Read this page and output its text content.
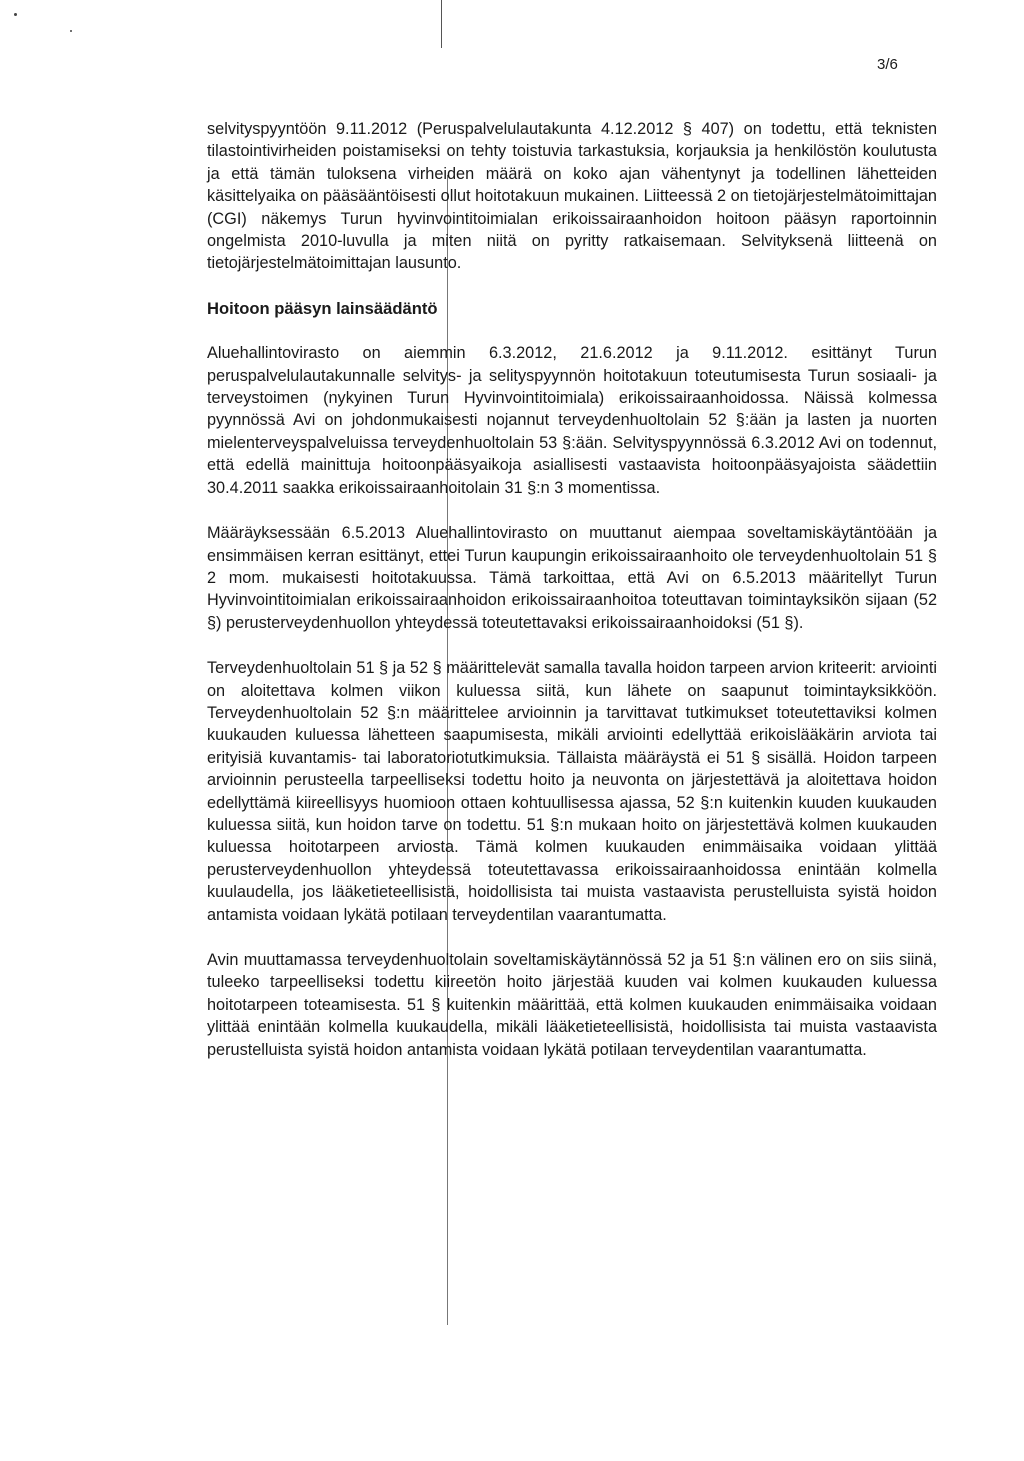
3/6

selvityspyyntöön 9.11.2012 (Peruspalvelulautakunta 4.12.2012 § 407) on todettu, että teknisten tilastointivirheiden poistamiseksi on tehty toistuvia tarkastuksia, korjauksia ja henkilöstön koulutusta ja että tämän tuloksena virheiden määrä on koko ajan vähentynyt ja todellinen lähetteiden käsittelyaika on pääsääntöisesti ollut hoitotakuun mukainen. Liitteessä 2 on tietojärjestelmätoimittajan (CGI) näkemys Turun hyvinvointitoimialan erikoissairaanhoidon hoitoon pääsyn raportoinnin ongelmista 2010-luvulla ja miten niitä on pyritty ratkaisemaan. Selvityksenä liitteenä on tietojärjestelmätoimittajan lausunto.

Hoitoon pääsyn lainsäädäntö

Aluehallintovirasto on aiemmin 6.3.2012, 21.6.2012 ja 9.11.2012. esittänyt Turun peruspalvelulautakunnalle selvitys- ja selityspyynnön hoitotakuun toteutumisesta Turun sosiaali- ja terveystoimen (nykyinen Turun Hyvinvointitoimiala) erikoissairaanhoidossa. Näissä kolmessa pyynnössä Avi on johdonmukaisesti nojannut terveydenhuoltolain 52 §:ään ja lasten ja nuorten mielenterveyspalveluissa terveydenhuoltolain 53 §:ään. Selvityspyynnössä 6.3.2012 Avi on todennut, että edellä mainittuja hoitoonpääsyaikoja asiallisesti vastaavista hoitoonpääsyajoista säädettiin 30.4.2011 saakka erikoissairaanhoitolain 31 §:n 3 momentissa.

Määräyksessään 6.5.2013 Aluehallintovirasto on muuttanut aiempaa soveltamiskäytäntöään ja ensimmäisen kerran esittänyt, ettei Turun kaupungin erikoissairaanhoito ole terveydenhuoltolain 51 § 2 mom. mukaisesti hoitotakuussa. Tämä tarkoittaa, että Avi on 6.5.2013 määritellyt Turun Hyvinvointitoimialan erikoissairaanhoidon erikoissairaanhoitoa toteuttavan toimintayksikön sijaan (52 §) perusterveydenhuollon yhteydessä toteutettavaksi erikoissairaanhoidoksi (51 §).

Terveydenhuoltolain 51 § ja 52 § määrittelevät samalla tavalla hoidon tarpeen arvion kriteerit: arviointi on aloitettava kolmen viikon kuluessa siitä, kun lähete on saapunut toimintayksikköön. Terveydenhuoltolain 52 §:n määrittelee arvioinnin ja tarvittavat tutkimukset toteutettaviksi kolmen kuukauden kuluessa lähetteen saapumisesta, mikäli arviointi edellyttää erikoislääkärin arviota tai erityisiä kuvantamis- tai laboratoriotutkimuksia. Tällaista määräystä ei 51 § sisällä. Hoidon tarpeen arvioinnin perusteella tarpeelliseksi todettu hoito ja neuvonta on järjestettävä ja aloitettava hoidon edellyttämä kiireellisyys huomioon ottaen kohtuullisessa ajassa, 52 §:n kuitenkin kuuden kuukauden kuluessa siitä, kun hoidon tarve on todettu. 51 §:n mukaan hoito on järjestettävä kolmen kuukauden kuluessa hoitotarpeen arviosta. Tämä kolmen kuukauden enimmäisaika voidaan ylittää perusterveydenhuollon yhteydessä toteutettavassa erikoissairaanhoidossa enintään kolmella kuulaudella, jos lääketieteellisistä, hoidollisista tai muista vastaavista perustelluista syistä hoidon antamista voidaan lykätä potilaan terveydentilan vaarantumatta.

Avin muuttamassa terveydenhuoltolain soveltamiskäytännössä 52 ja 51 §:n välinen ero on siis siinä, tuleeko tarpeelliseksi todettu kiireetön hoito järjestää kuuden vai kolmen kuukauden kuluessa hoitotarpeen toteamisesta. 51 § kuitenkin määrittää, että kolmen kuukauden enimmäisaika voidaan ylittää enintään kolmella kuukaudella, mikäli lääketieteellisistä, hoidollisista tai muista vastaavista perustelluista syistä hoidon antamista voidaan lykätä potilaan terveydentilan vaarantumatta.
